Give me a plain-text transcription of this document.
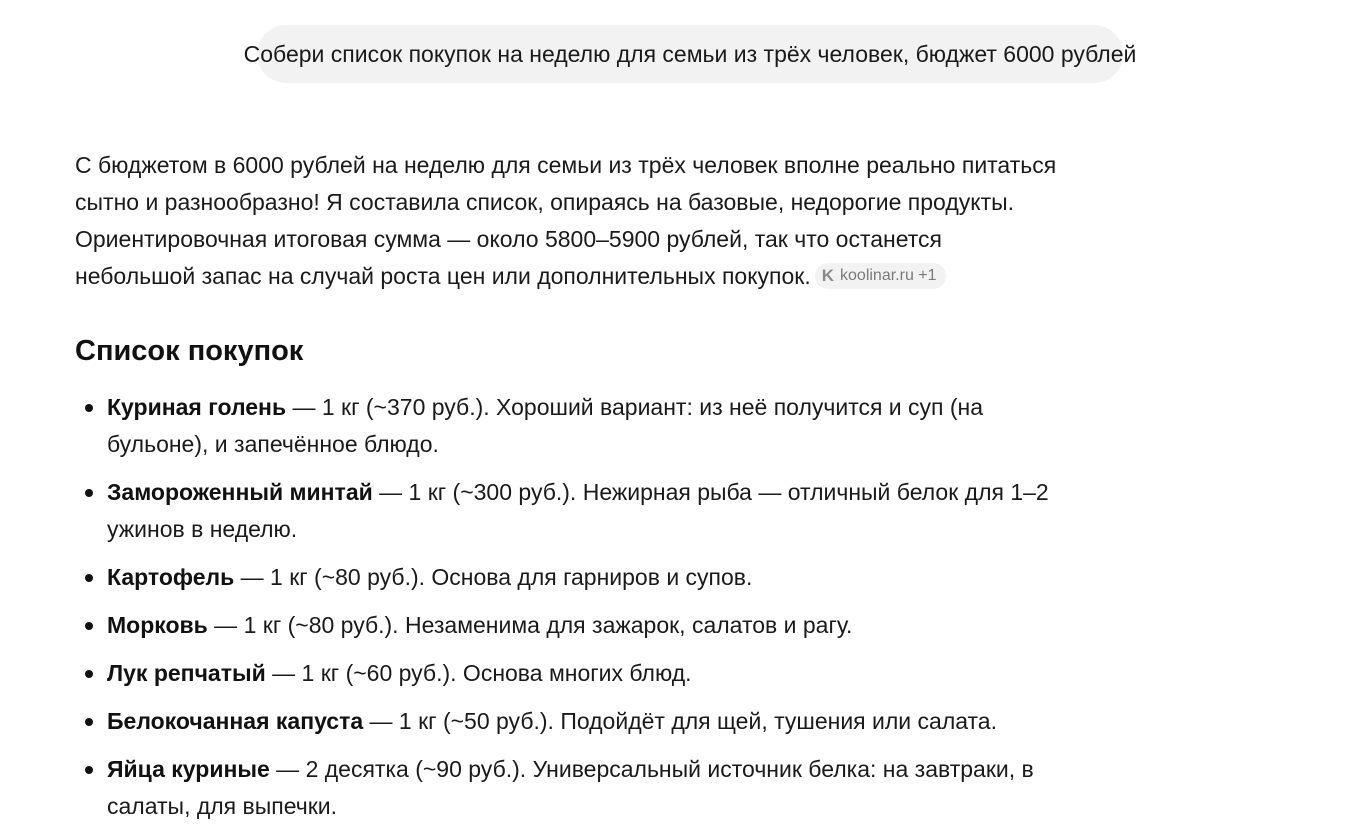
Собери список покупок на неделю для семьи из трёх человек, бюджет 6000 рублей

С бюджетом в 6000 рублей на неделю для семьи из трёх человек вполне реально питаться сытно и разнообразно! Я составила список, опираясь на базовые, недорогие продукты. Ориентировочная итоговая сумма — около 5800–5900 рублей, так что останется небольшой запас на случай роста цен или дополнительных покупок. K koolinar.ru +1

Список покупок
Куриная голень — 1 кг (~370 руб.). Хороший вариант: из неё получится и суп (на бульоне), и запечённое блюдо.
Замороженный минтай — 1 кг (~300 руб.). Нежирная рыба — отличный белок для 1–2 ужинов в неделю.
Картофель — 1 кг (~80 руб.). Основа для гарниров и супов.
Морковь — 1 кг (~80 руб.). Незаменима для зажарок, салатов и рагу.
Лук репчатый — 1 кг (~60 руб.). Основа многих блюд.
Белокочанная капуста — 1 кг (~50 руб.). Подойдёт для щей, тушения или салата.
Яйца куриные — 2 десятка (~90 руб.). Универсальный источник белка: на завтраки, в салаты, для выпечки.
